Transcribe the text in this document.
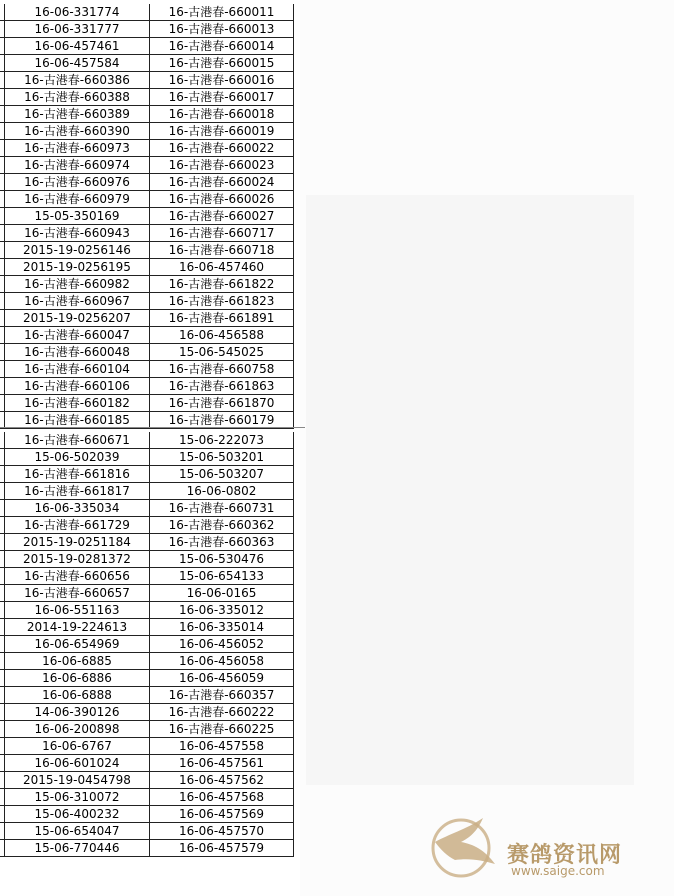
	16-06-331774	16-古港春-660011
	16-06-331777	16-古港春-660013
	16-06-457461	16-古港春-660014
	16-06-457584	16-古港春-660015
	16-古港春-660386	16-古港春-660016
	16-古港春-660388	16-古港春-660017
	16-古港春-660389	16-古港春-660018
	16-古港春-660390	16-古港春-660019
	16-古港春-660973	16-古港春-660022
	16-古港春-660974	16-古港春-660023
	16-古港春-660976	16-古港春-660024
	16-古港春-660979	16-古港春-660026
	15-05-350169	16-古港春-660027
	16-古港春-660943	16-古港春-660717
	2015-19-0256146	16-古港春-660718
	2015-19-0256195	16-06-457460
	16-古港春-660982	16-古港春-661822
	16-古港春-660967	16-古港春-661823
	2015-19-0256207	16-古港春-661891
	16-古港春-660047	16-06-456588
	16-古港春-660048	15-06-545025
	16-古港春-660104	16-古港春-660758
	16-古港春-660106	16-古港春-661863
	16-古港春-660182	16-古港春-661870
	16-古港春-660185	16-古港春-660179
	16-古港春-660671	15-06-222073
	15-06-502039	15-06-503201
	16-古港春-661816	15-06-503207
	16-古港春-661817	16-06-0802
	16-06-335034	16-古港春-660731
	16-古港春-661729	16-古港春-660362
	2015-19-0251184	16-古港春-660363
	2015-19-0281372	15-06-530476
	16-古港春-660656	15-06-654133
	16-古港春-660657	16-06-0165
	16-06-551163	16-06-335012
	2014-19-224613	16-06-335014
	16-06-654969	16-06-456052
	16-06-6885	16-06-456058
	16-06-6886	16-06-456059
	16-06-6888	16-古港春-660357
	14-06-390126	16-古港春-660222
	16-06-200898	16-古港春-660225
	16-06-6767	16-06-457558
	16-06-601024	16-06-457561
	2015-19-0454798	16-06-457562
	15-06-310072	16-06-457568
	15-06-400232	16-06-457569
	15-06-654047	16-06-457570
	15-06-770446	16-06-457579	赛鸽资讯网
www.saige.com
